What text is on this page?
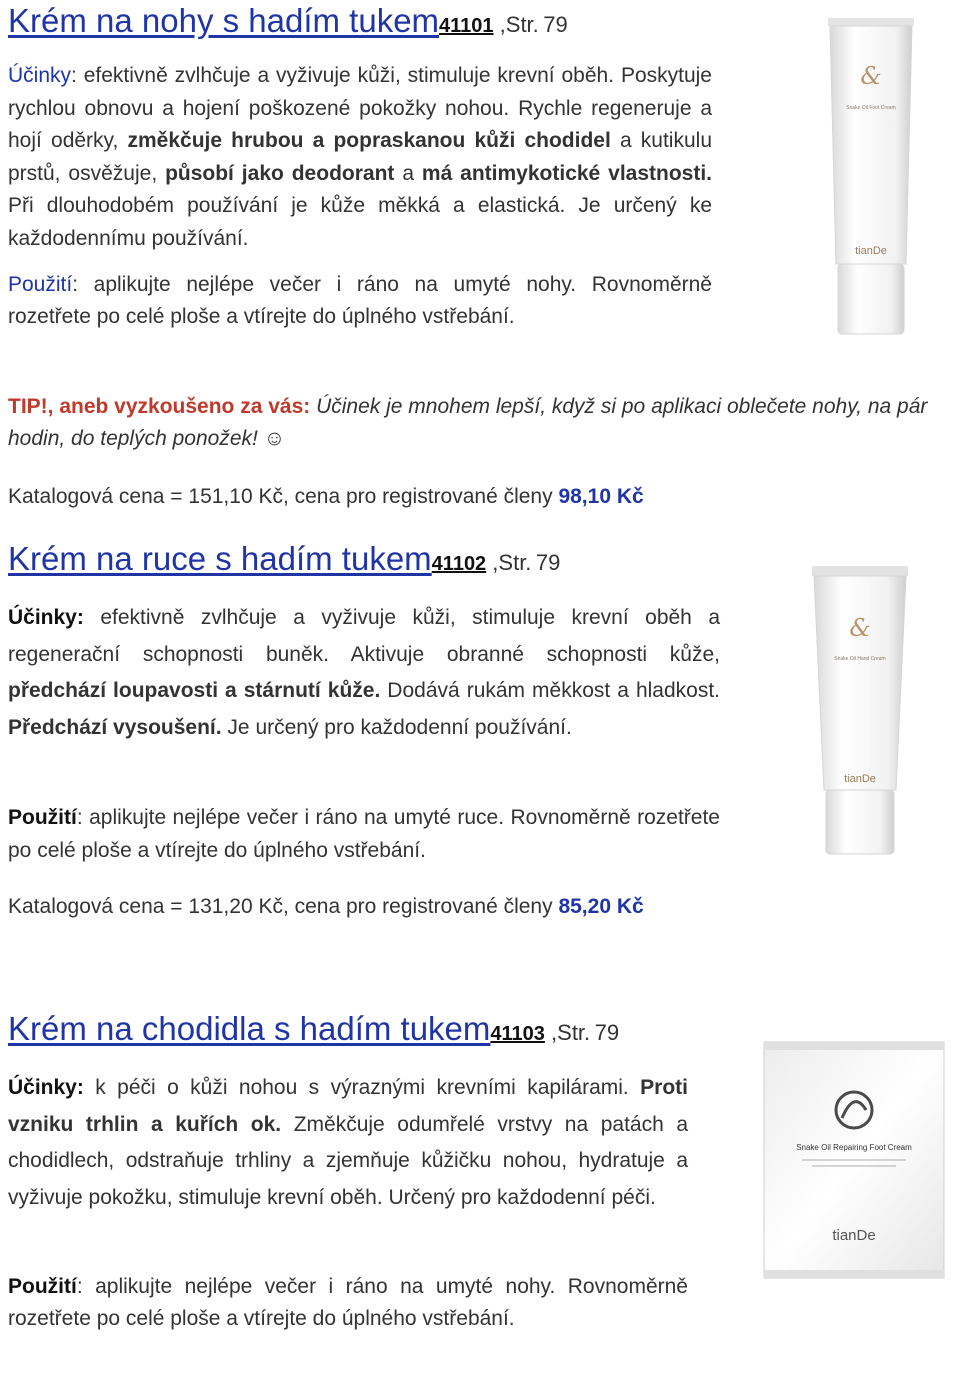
Krém na nohy s hadím tukem41101 ,Str. 79

Účinky: efektivně zvlhčuje a vyživuje kůži, stimuluje krevní oběh. Poskytuje rychlou obnovu a hojení poškozené pokožky nohou. Rychle regeneruje a hojí oděrky, změkčuje hrubou a popraskanou kůži chodidel a kutikulu prstů, osvěžuje, působí jako deodorant a má antimykotické vlastnosti. Při dlouhodobém používání je kůže měkká a elastická. Je určený ke každodennímu používání.

Použití: aplikujte nejlépe večer i ráno na umyté nohy. Rovnoměrně rozetřete po celé ploše a vtírejte do úplného vstřebání.

TIP!, aneb vyzkoušeno za vás: Účinek je mnohem lepší, když si po aplikaci oblečete nohy, na pár hodin, do teplých ponožek! ☺

Katalogová cena = 151,10 Kč, cena pro registrované členy 98,10 Kč
&
Snake Oil Foot Cream
tianDe
Krém na ruce s hadím tukem41102 ,Str. 79

Účinky: efektivně zvlhčuje a vyživuje kůži, stimuluje krevní oběh a regenerační schopnosti buněk. Aktivuje obranné schopnosti kůže, předchází loupavosti a stárnutí kůže. Dodává rukám měkkost a hladkost. Předchází vysoušení. Je určený pro každodenní používání.

Použití: aplikujte nejlépe večer i ráno na umyté ruce. Rovnoměrně rozetřete po celé ploše a vtírejte do úplného vstřebání.

Katalogová cena = 131,20 Kč, cena pro registrované členy 85,20 Kč
&
Snake Oil Hand Cream
tianDe
Krém na chodidla s hadím tukem41103 ,Str. 79

Účinky: k péči o kůži nohou s výraznými krevními kapilárami. Proti vzniku trhlin a kuřích ok. Změkčuje odumřelé vrstvy na patách a chodidlech, odstraňuje trhliny a zjemňuje kůžičku nohou, hydratuje a vyživuje pokožku, stimuluje krevní oběh. Určený pro každodenní péči.

Použití: aplikujte nejlépe večer i ráno na umyté nohy. Rovnoměrně rozetřete po celé ploše a vtírejte do úplného vstřebání.

Snake Oil Repairing Foot Cream
tianDe
